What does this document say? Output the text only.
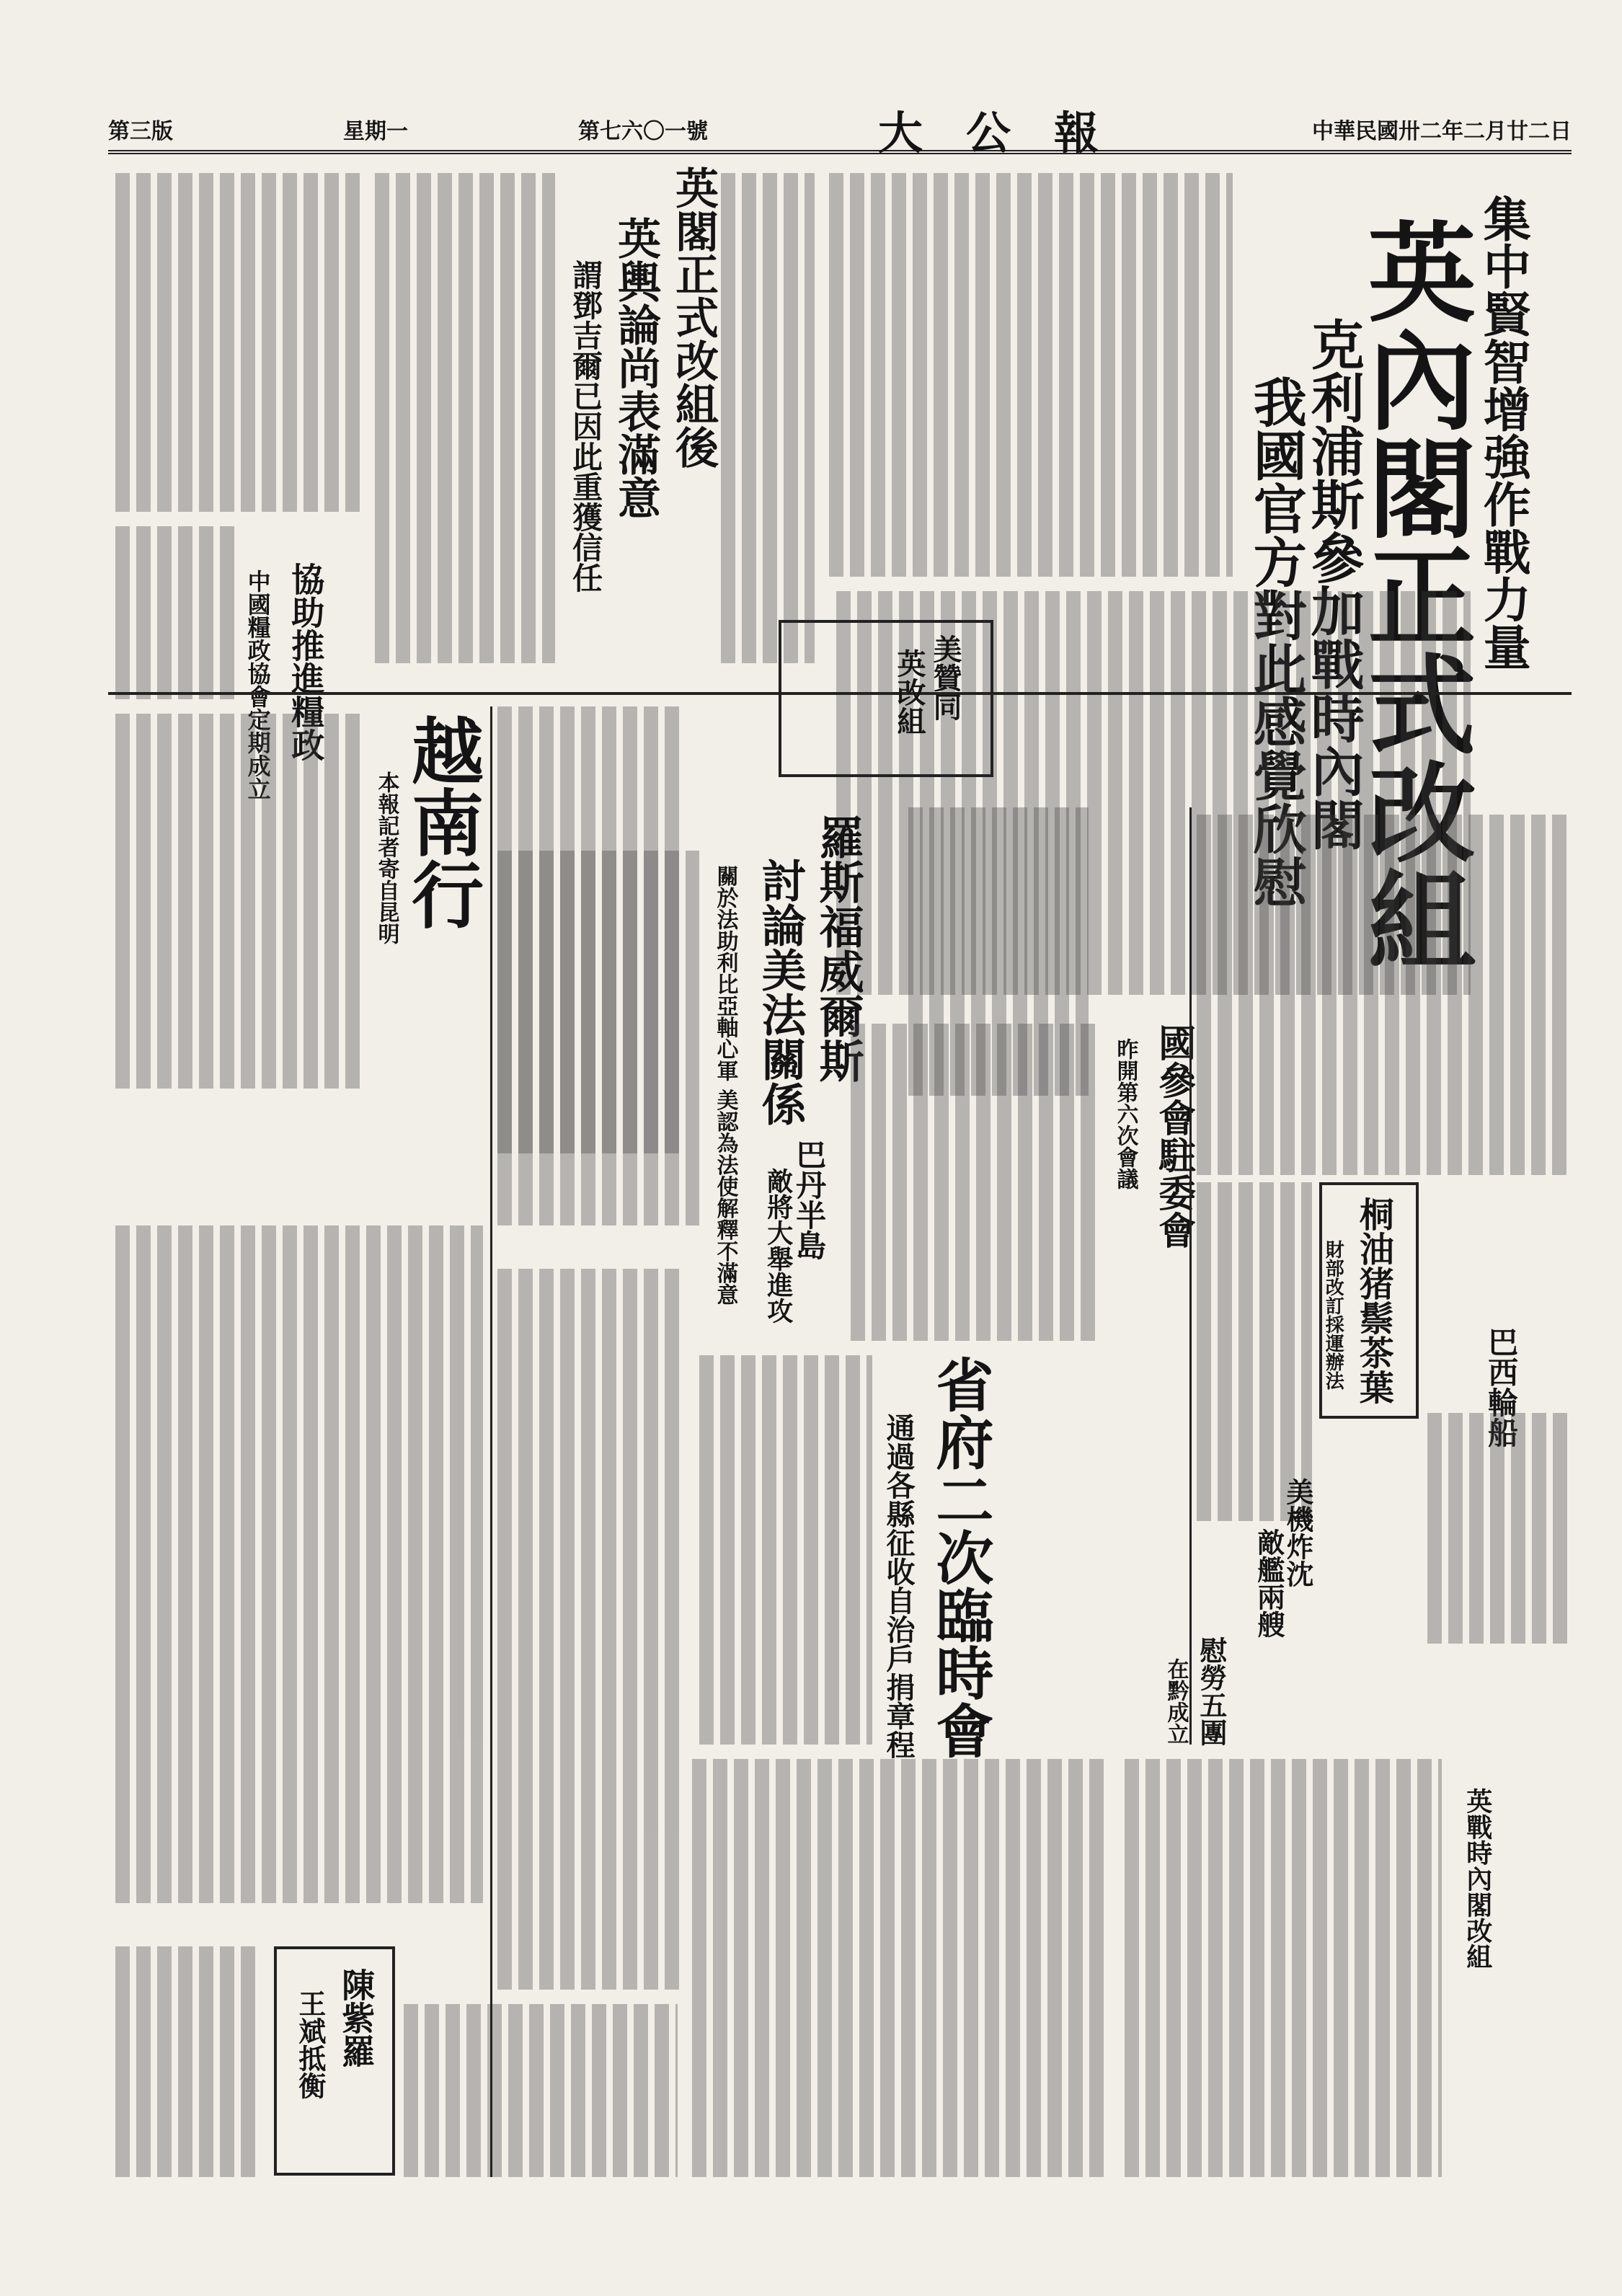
第三版	星期一	第七六〇一號	大公報	中華民國卅二年二月廿二日
集中賢智增強作戰力量
英內閣正式改組
克利浦斯參加戰時內閣
我國官方對此感覺欣慰
英閣正式改組後
英輿論尚表滿意
謂鄧吉爾已因此重獲信任
協助推進糧政
中國糧政協會定期成立
越南行
本報記者寄自昆明
美贊同
英改組
羅斯福威爾斯
討論美法關係
關於法助利比亞軸心軍 美認為法使解釋不滿意 敵將大舉進攻
巴丹半島	國參會駐委會
昨開第六次會議
桐油猪鬃茶葉
財部改訂採運辦法	巴西輪船
美機炸沈
敵艦兩艘
省府二次臨時會
通過各縣征收自治戶捐章程	慰勞五團
在黔成立
英戰時內閣改組
陳紫羅
王斌抵衡
